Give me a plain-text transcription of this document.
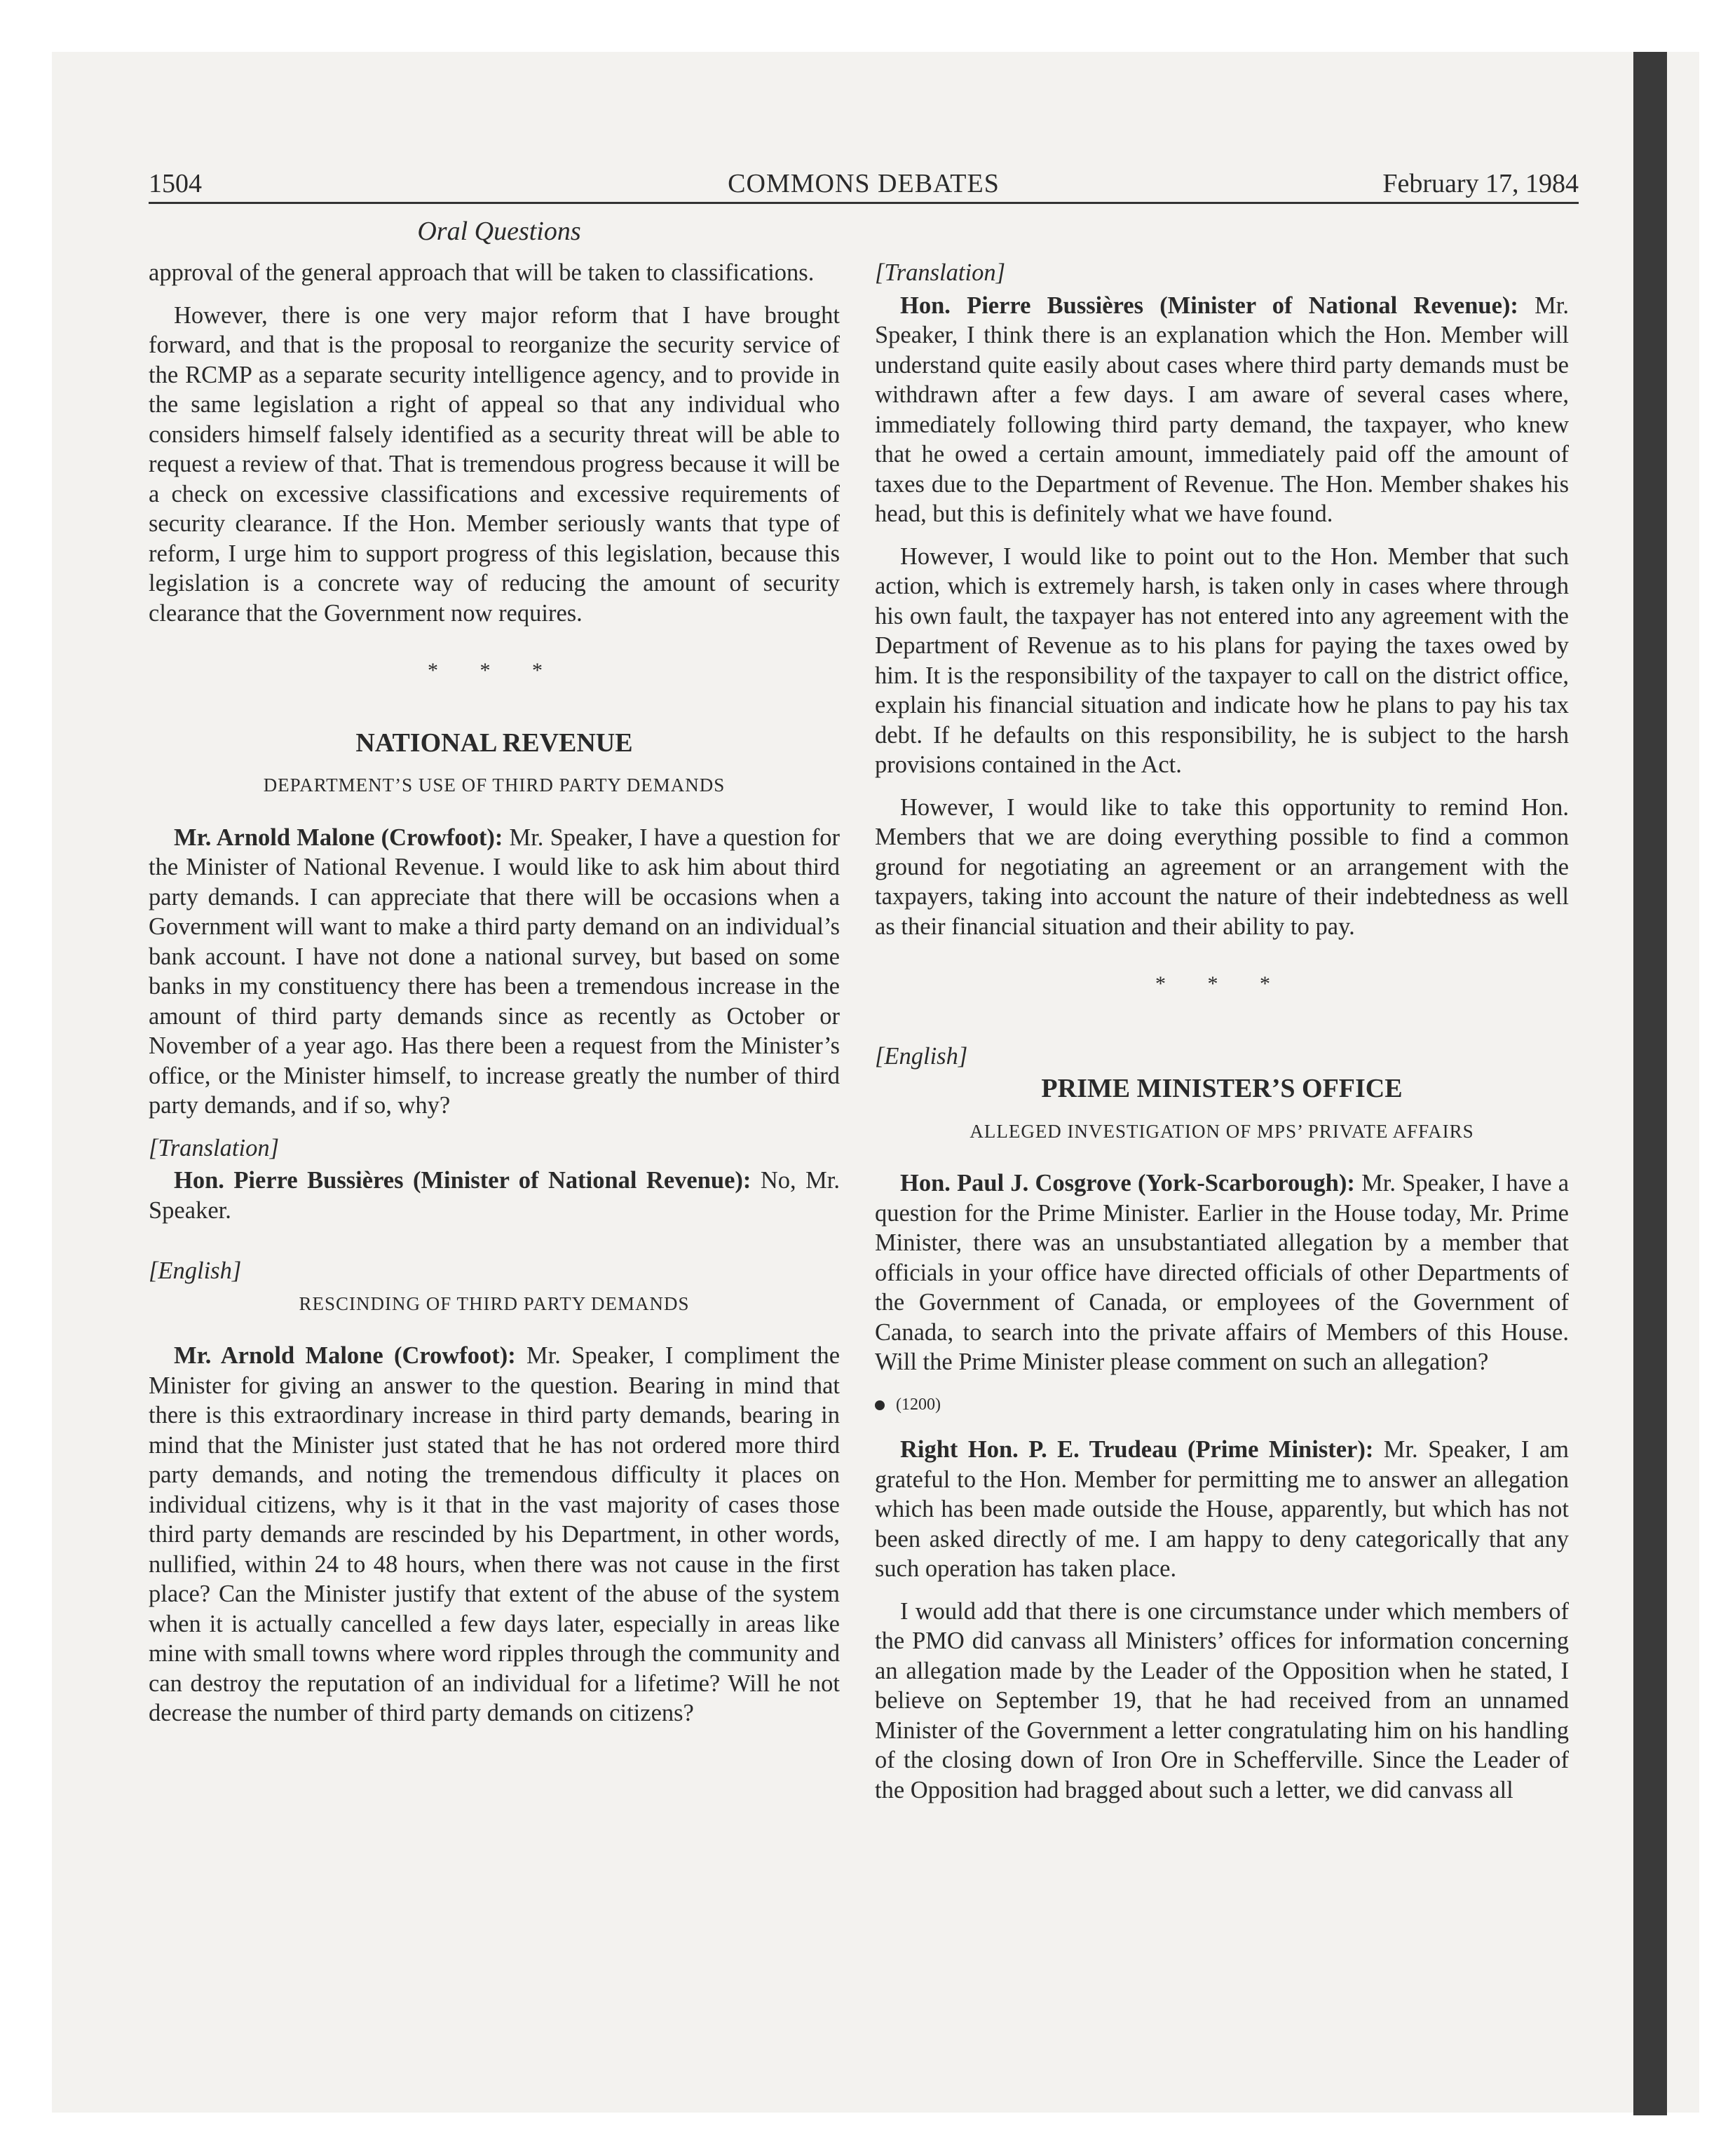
1504	COMMONS DEBATES	February 17, 1984
Oral Questions

approval of the general approach that will be taken to classifications.

However, there is one very major reform that I have brought forward, and that is the proposal to reorganize the security service of the RCMP as a separate security intelligence agency, and to provide in the same legislation a right of appeal so that any individual who considers himself falsely identified as a security threat will be able to request a review of that. That is tremendous progress because it will be a check on excessive classifications and excessive requirements of security clearance. If the Hon. Member seriously wants that type of reform, I urge him to support progress of this legislation, because this legislation is a concrete way of reducing the amount of security clearance that the Government now requires.

* * *
NATIONAL REVENUE
DEPARTMENT’S USE OF THIRD PARTY DEMANDS

Mr. Arnold Malone (Crowfoot): Mr. Speaker, I have a question for the Minister of National Revenue. I would like to ask him about third party demands. I can appreciate that there will be occasions when a Government will want to make a third party demand on an individual’s bank account. I have not done a national survey, but based on some banks in my constituency there has been a tremendous increase in the amount of third party demands since as recently as October or November of a year ago. Has there been a request from the Minister’s office, or the Minister himself, to increase greatly the number of third party demands, and if so, why?

[Translation]

Hon. Pierre Bussières (Minister of National Revenue): No, Mr. Speaker.

[English]
RESCINDING OF THIRD PARTY DEMANDS

Mr. Arnold Malone (Crowfoot): Mr. Speaker, I compliment the Minister for giving an answer to the question. Bearing in mind that there is this extraordinary increase in third party demands, bearing in mind that the Minister just stated that he has not ordered more third party demands, and noting the tremendous difficulty it places on individual citizens, why is it that in the vast majority of cases those third party demands are rescinded by his Department, in other words, nullified, within 24 to 48 hours, when there was not cause in the first place? Can the Minister justify that extent of the abuse of the system when it is actually cancelled a few days later, especially in areas like mine with small towns where word ripples through the community and can destroy the reputation of an individual for a lifetime? Will he not decrease the number of third party demands on citizens?

[Translation]

Hon. Pierre Bussières (Minister of National Revenue): Mr. Speaker, I think there is an explanation which the Hon. Member will understand quite easily about cases where third party demands must be withdrawn after a few days. I am aware of several cases where, immediately following third party demand, the taxpayer, who knew that he owed a certain amount, immediately paid off the amount of taxes due to the Department of Revenue. The Hon. Member shakes his head, but this is definitely what we have found.

However, I would like to point out to the Hon. Member that such action, which is extremely harsh, is taken only in cases where through his own fault, the taxpayer has not entered into any agreement with the Department of Revenue as to his plans for paying the taxes owed by him. It is the responsibility of the taxpayer to call on the district office, explain his financial situation and indicate how he plans to pay his tax debt. If he defaults on this responsibility, he is subject to the harsh provisions contained in the Act.

However, I would like to take this opportunity to remind Hon. Members that we are doing everything possible to find a common ground for negotiating an agreement or an arrangement with the taxpayers, taking into account the nature of their indebtedness as well as their financial situation and their ability to pay.

* * *
[English]
PRIME MINISTER’S OFFICE
ALLEGED INVESTIGATION OF MPS’ PRIVATE AFFAIRS

Hon. Paul J. Cosgrove (York-Scarborough): Mr. Speaker, I have a question for the Prime Minister. Earlier in the House today, Mr. Prime Minister, there was an unsubstantiated allegation by a member that officials in your office have directed officials of other Departments of the Government of Canada, or employees of the Government of Canada, to search into the private affairs of Members of this House. Will the Prime Minister please comment on such an allegation?

(1200)

Right Hon. P. E. Trudeau (Prime Minister): Mr. Speaker, I am grateful to the Hon. Member for permitting me to answer an allegation which has been made outside the House, apparently, but which has not been asked directly of me. I am happy to deny categorically that any such operation has taken place.

I would add that there is one circumstance under which members of the PMO did canvass all Ministers’ offices for information concerning an allegation made by the Leader of the Opposition when he stated, I believe on September 19, that he had received from an unnamed Minister of the Government a letter congratulating him on his handling of the closing down of Iron Ore in Schefferville. Since the Leader of the Opposition had bragged about such a letter, we did canvass all
